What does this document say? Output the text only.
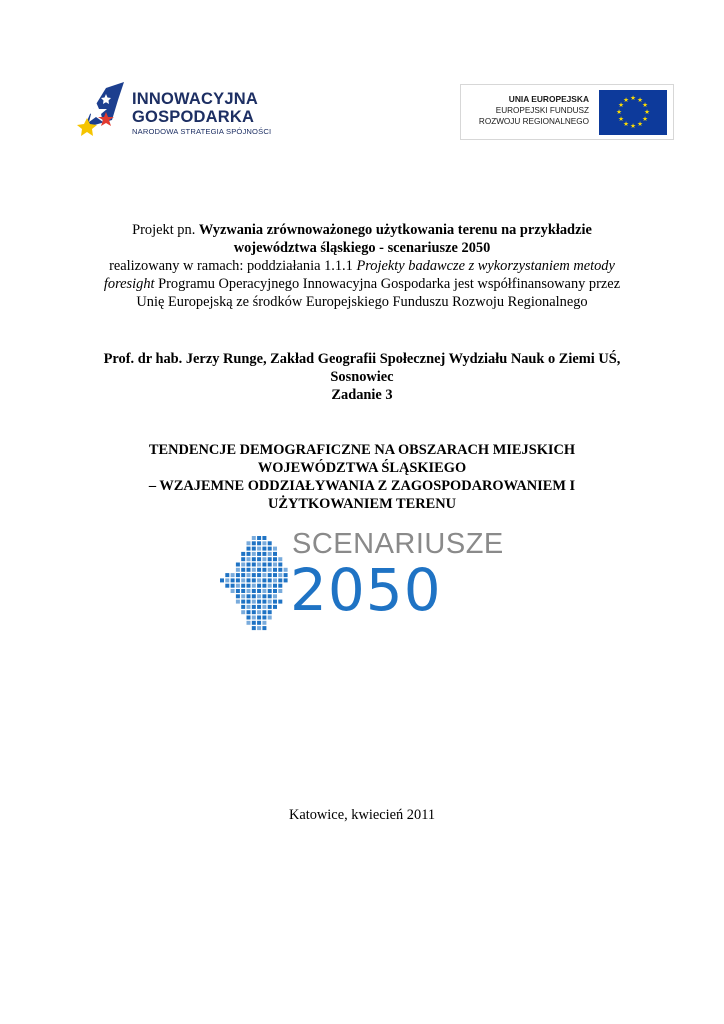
INNOWACYJNA
GOSPODARKA
NARODOWA STRATEGIA SPÓJNOŚCI
UNIA EUROPEJSKA
EUROPEJSKI FUNDUSZ
ROZWOJU REGIONALNEGO
★ ★
★
★
★
★
★
★
★
★
★
★
Projekt pn. Wyzwania zrównoważonego użytkowania terenu na przykładzie
województwa śląskiego - scenariusze 2050
realizowany w ramach: poddziałania 1.1.1 Projekty badawcze z wykorzystaniem metody
foresight Programu Operacyjnego Innowacyjna Gospodarka jest współfinansowany przez
Unię Europejską ze środków Europejskiego Funduszu Rozwoju Regionalnego
Prof. dr hab. Jerzy Runge, Zakład Geografii Społecznej Wydziału Nauk o Ziemi UŚ,
Sosnowiec
Zadanie 3
TENDENCJE DEMOGRAFICZNE NA OBSZARACH MIEJSKICH
WOJEWÓDZTWA ŚLĄSKIEGO
– WZAJEMNE ODDZIAŁYWANIA Z ZAGOSPODAROWANIEM I
UŻYTKOWANIEM TERENU
SCENARIUSZE
2050
Katowice, kwiecień 2011
